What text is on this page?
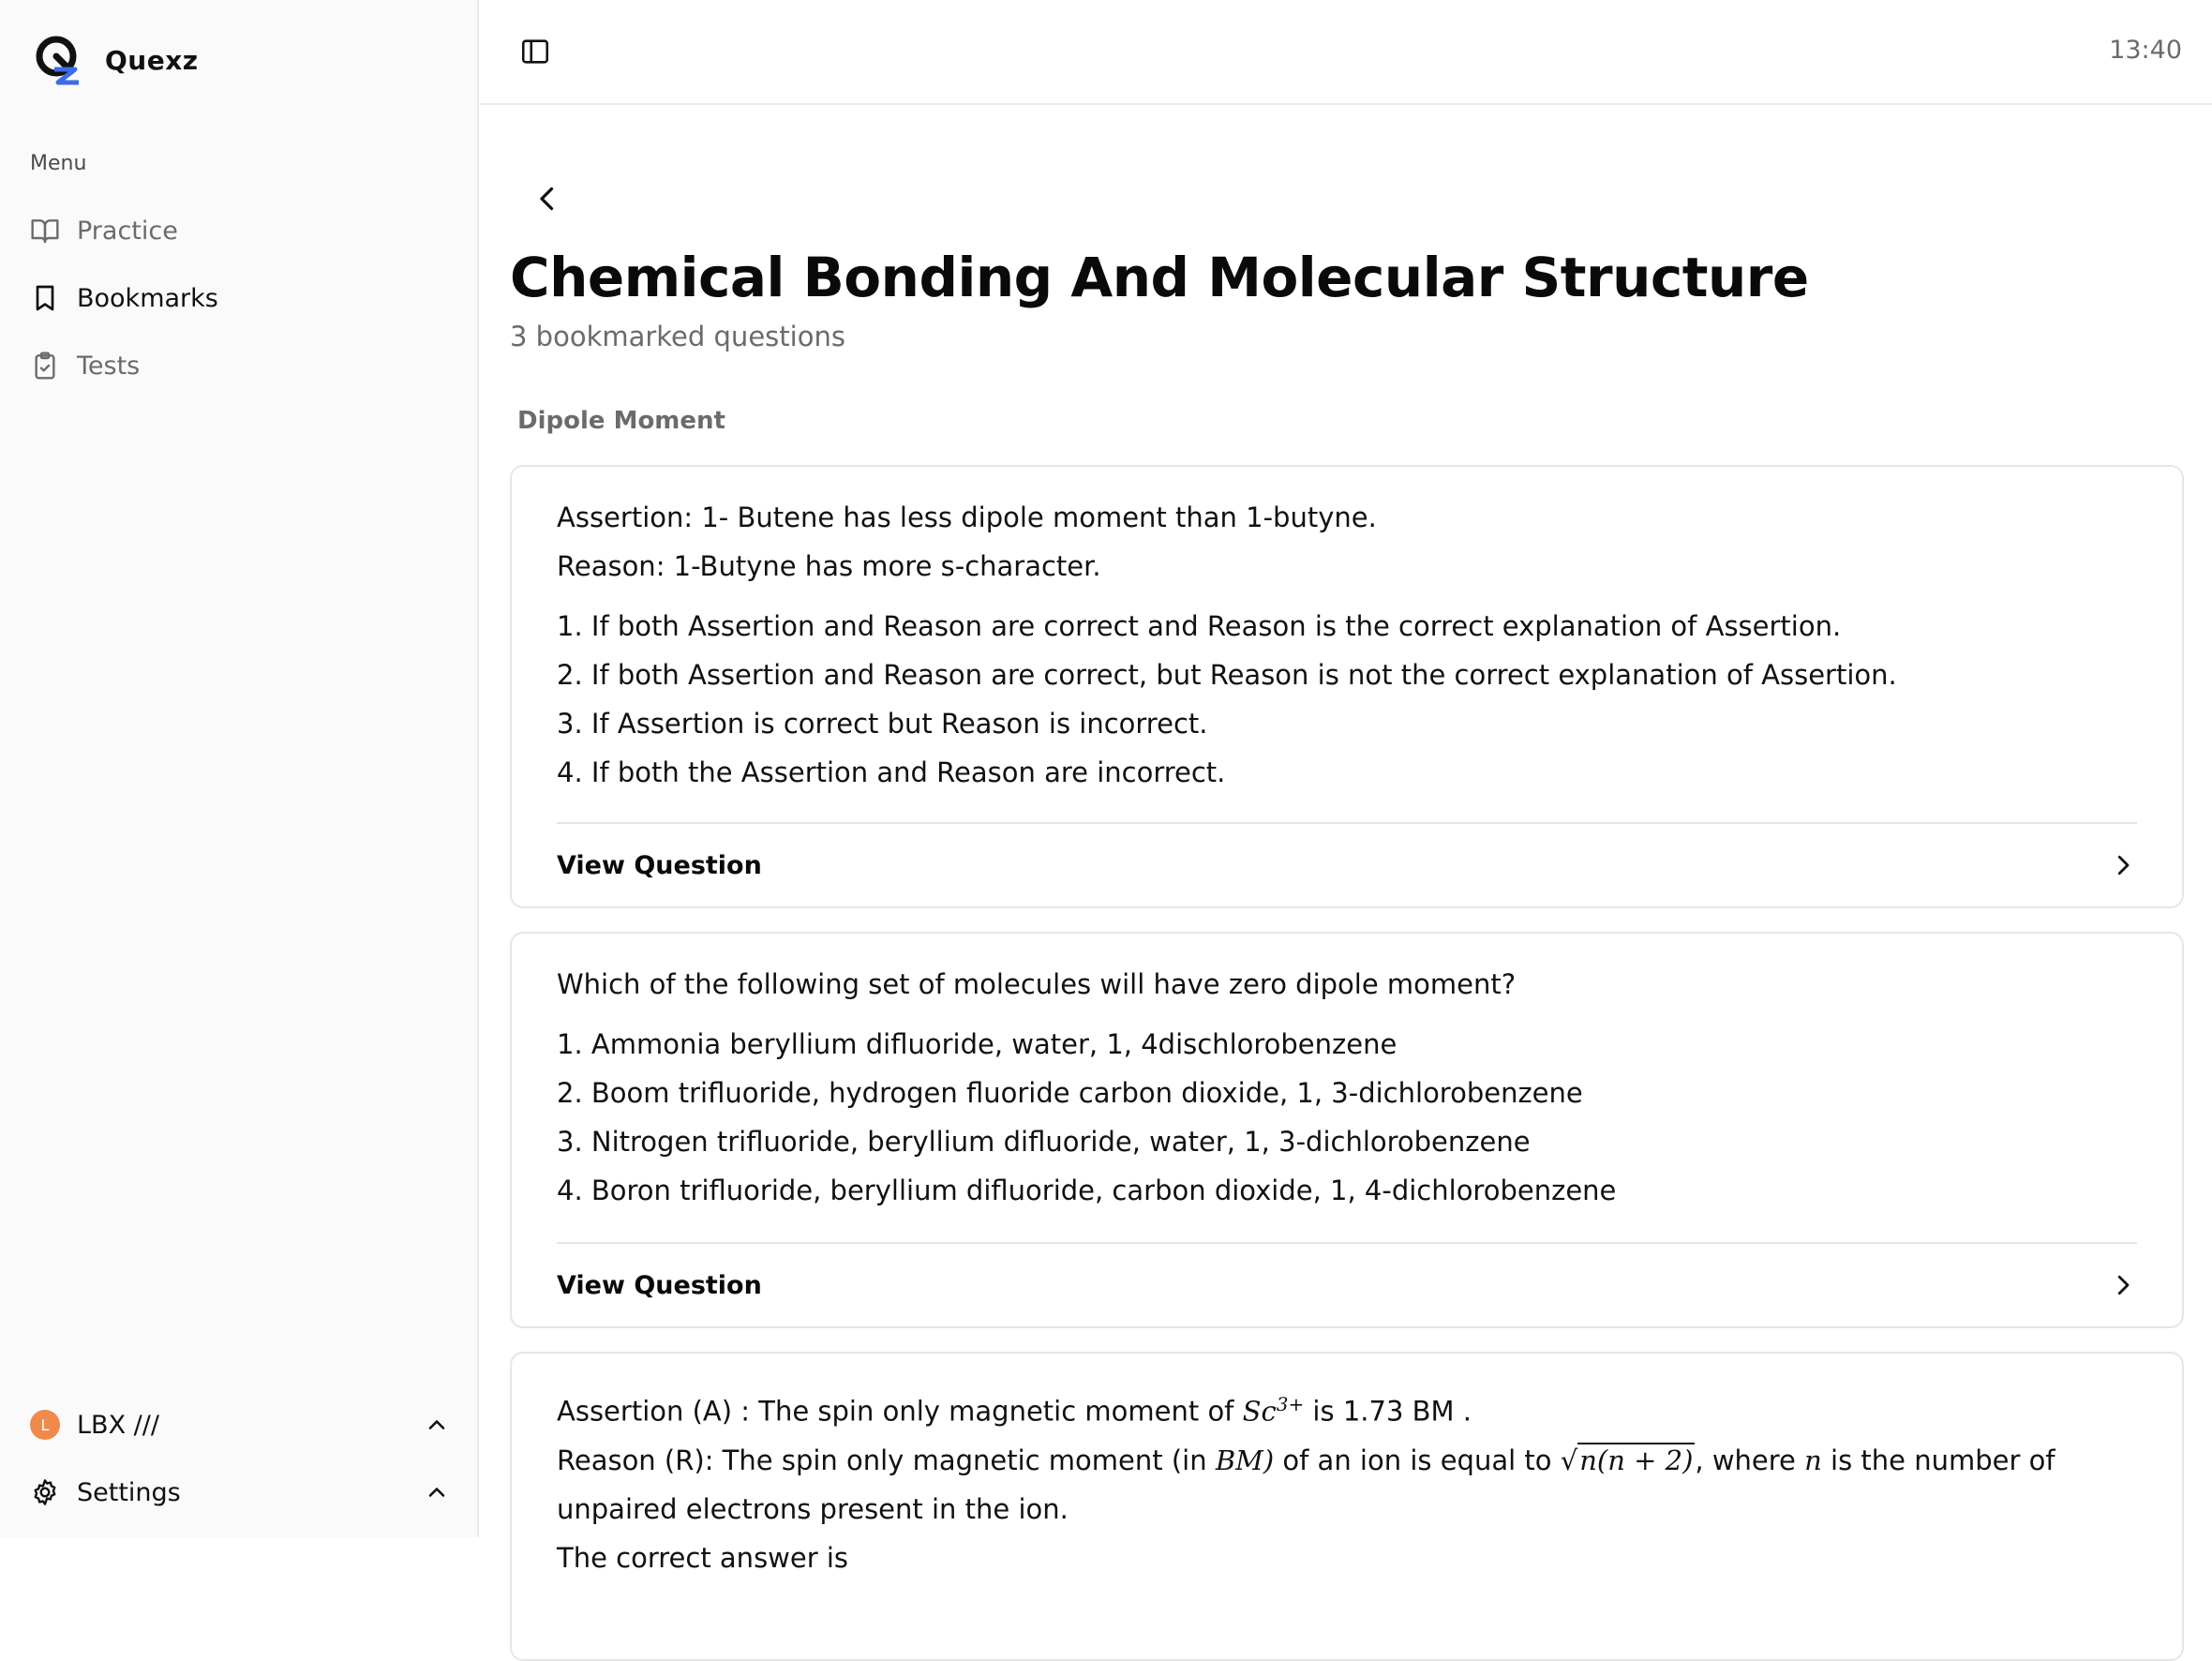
Quexz
Menu
Practice
Bookmarks
Tests
L	LBX ///
Settings
13:40
Chemical Bonding And Molecular Structure
3 bookmarked questions
Dipole Moment
Assertion: 1- Butene has less dipole moment than 1-butyne.
Reason: 1-Butyne has more s-character.
1. If both Assertion and Reason are correct and Reason is the correct explanation of Assertion.
2. If both Assertion and Reason are correct, but Reason is not the correct explanation of Assertion.
3. If Assertion is correct but Reason is incorrect.
4. If both the Assertion and Reason are incorrect.
View Question
Which of the following set of molecules will have zero dipole moment?
1. Ammonia beryllium difluoride, water, 1, 4dischlorobenzene
2. Boom trifluoride, hydrogen fluoride carbon dioxide, 1, 3-dichlorobenzene
3. Nitrogen trifluoride, beryllium difluoride, water, 1, 3-dichlorobenzene
4. Boron trifluoride, beryllium difluoride, carbon dioxide, 1, 4-dichlorobenzene
View Question
Assertion (A) : The spin only magnetic moment of $Sc^{3+}$ is 1.73 BM .
Reason (R): The spin only magnetic moment (in BM) of an ion is equal to √n(n + 2), where n is the number of
unpaired electrons present in the ion.
The correct answer is
